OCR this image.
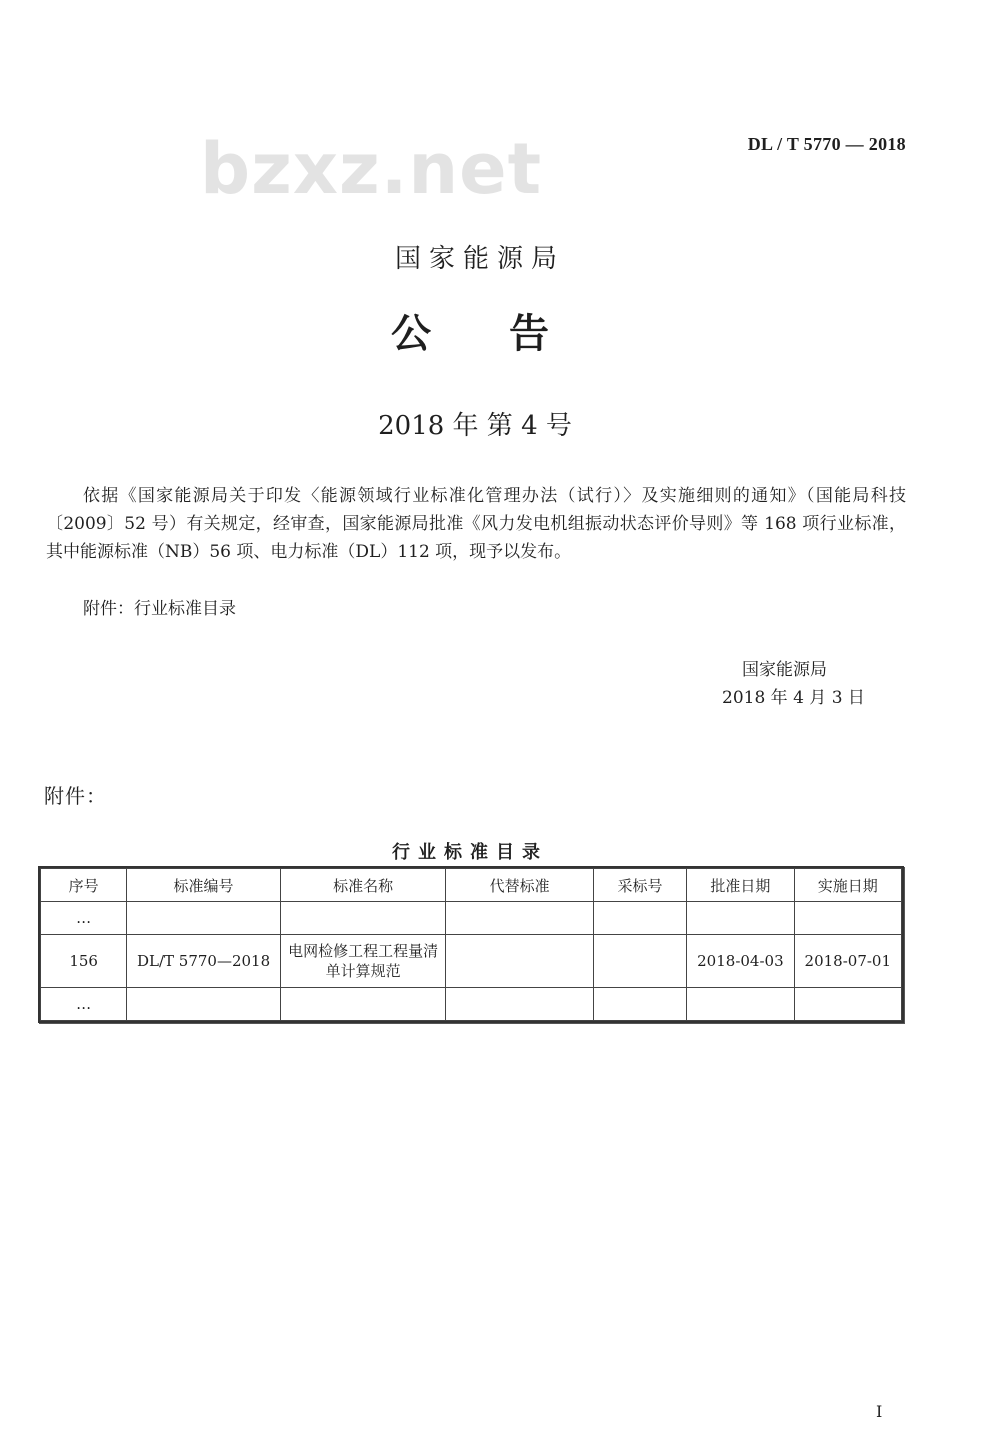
DL / T 5770 — 2018
bzxz.net
国家能源局
公告
2018 年 第 4 号

依据《国家能源局关于印发〈能源领域行业标准化管理办法（试行）〉及实施细则的通知》（国能局科技〔2009〕52 号）有关规定，经审查，国家能源局批准《风力发电机组振动状态评价导则》等 168 项行业标准，其中能源标准（NB）56 项、电力标准（DL）112 项，现予以发布。

附件：行业标准目录
国家能源局
2018 年 4 月 3 日
附件：
行业标准目录
序号	标准编号	标准名称	代替标准	采标号	批准日期	实施日期
…						
156	DL/T 5770—2018	电网检修工程工程量清单计算规范			2018-04-03	2018-07-01
…						
I
